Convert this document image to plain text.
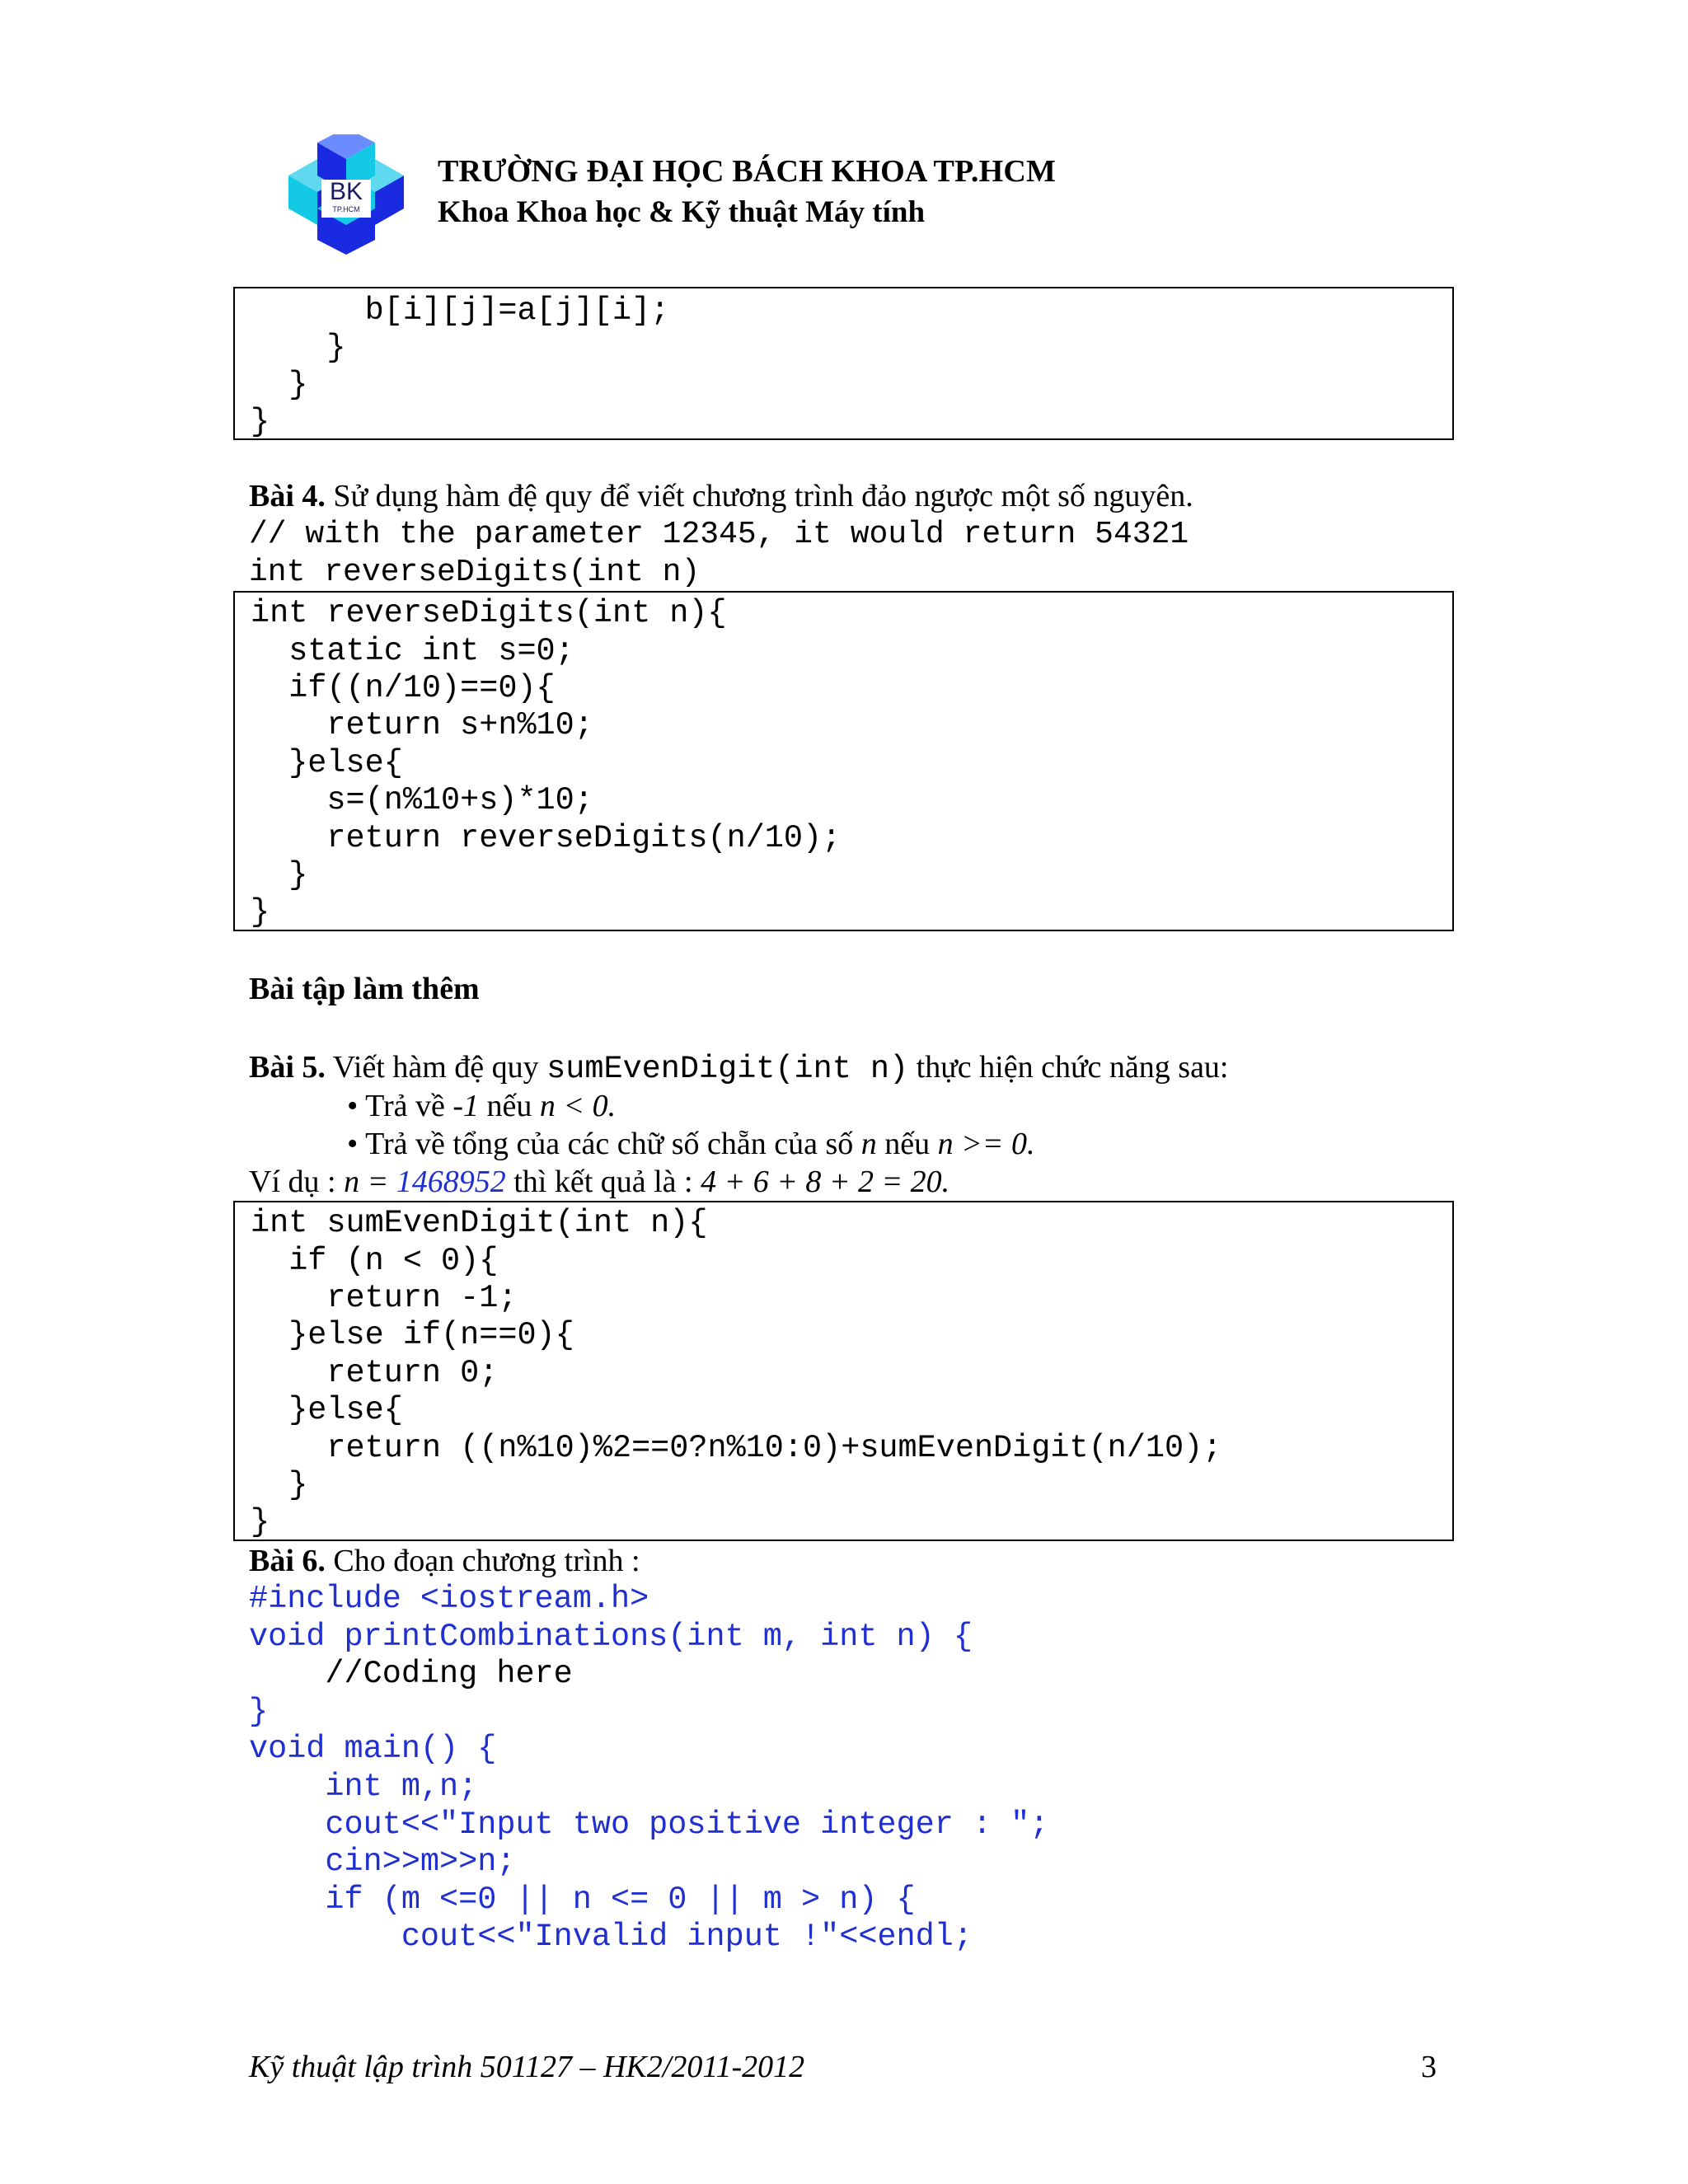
BK
TP.HCM
TRƯỜNG ĐẠI HỌC BÁCH KHOA TP.HCM
Khoa Khoa học & Kỹ thuật Máy tính

b[i][j]=a[j][i];

}

}

}

Bài 4. Sử dụng hàm đệ quy để viết chương trình đảo ngược một số nguyên.
// with the parameter 12345, it would return 54321
int reverseDigits(int n)

int reverseDigits(int n){

static int s=0;

if((n/10)==0){

return s+n%10;

}else{

s=(n%10+s)*10;

return reverseDigits(n/10);

}

}

Bài tập làm thêm
Bài 5. Viết hàm đệ quy sumEvenDigit(int n) thực hiện chức năng sau:
• Trả về -1 nếu n < 0.
• Trả về tổng của các chữ số chẵn của số n nếu n >= 0.
Ví dụ : n = 1468952 thì kết quả là : 4 + 6 + 8 + 2 = 20.

int sumEvenDigit(int n){

if (n < 0){

return -1;

}else if(n==0){

return 0;

}else{

return ((n%10)%2==0?n%10:0)+sumEvenDigit(n/10);

}

}

Bài 6. Cho đoạn chương trình :

#include <iostream.h>

void printCombinations(int m, int n) {

//Coding here

}

void main() {

int m,n;

cout<<"Input two positive integer : ";

cin>>m>>n;

if (m <=0 || n <= 0 || m > n) {

cout<<"Invalid input !"<<endl;

Kỹ thuật lập trình 501127 – HK2/2011-2012	3
